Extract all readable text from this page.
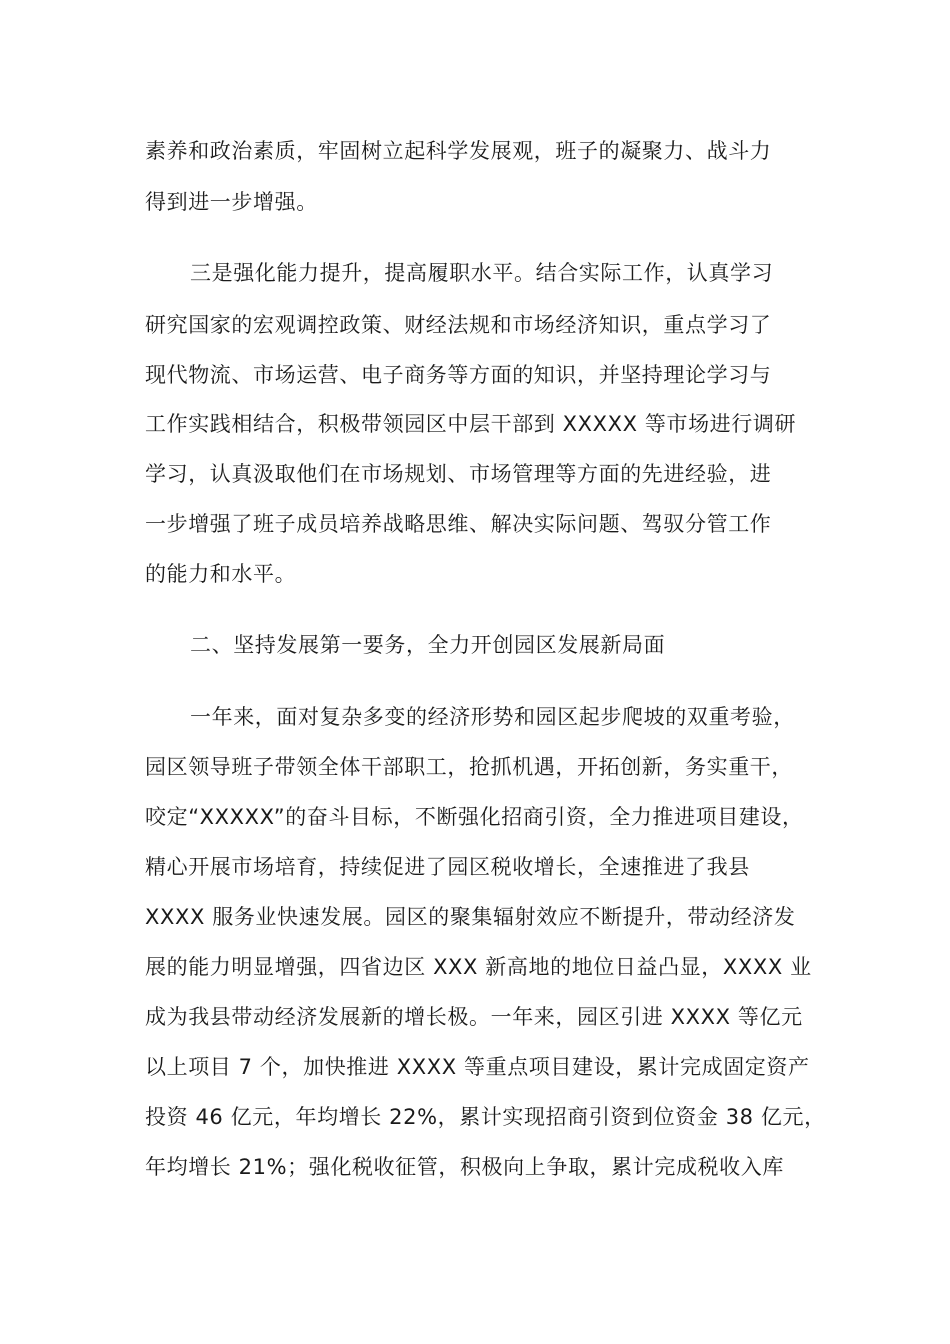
素养和政治素质，牢固树立起科学发展观，班子的凝聚力、战斗力
得到进一步增强。
三是强化能力提升，提高履职水平。结合实际工作，认真学习
研究国家的宏观调控政策、财经法规和市场经济知识，重点学习了
现代物流、市场运营、电子商务等方面的知识，并坚持理论学习与
工作实践相结合，积极带领园区中层干部到 XXXXX 等市场进行调研
学习，认真汲取他们在市场规划、市场管理等方面的先进经验，进
一步增强了班子成员培养战略思维、解决实际问题、驾驭分管工作
的能力和水平。
二、坚持发展第一要务，全力开创园区发展新局面
一年来，面对复杂多变的经济形势和园区起步爬坡的双重考验，
园区领导班子带领全体干部职工，抢抓机遇，开拓创新，务实重干，
咬定“XXXXX”的奋斗目标，不断强化招商引资，全力推进项目建设，
精心开展市场培育，持续促进了园区税收增长，全速推进了我县
XXXX 服务业快速发展。园区的聚集辐射效应不断提升，带动经济发
展的能力明显增强，四省边区 XXX 新高地的地位日益凸显，XXXX 业
成为我县带动经济发展新的增长极。一年来，园区引进 XXXX 等亿元
以上项目 7 个，加快推进 XXXX 等重点项目建设，累计完成固定资产
投资 46 亿元，年均增长 22%，累计实现招商引资到位资金 38 亿元，
年均增长 21%；强化税收征管，积极向上争取，累计完成税收入库
